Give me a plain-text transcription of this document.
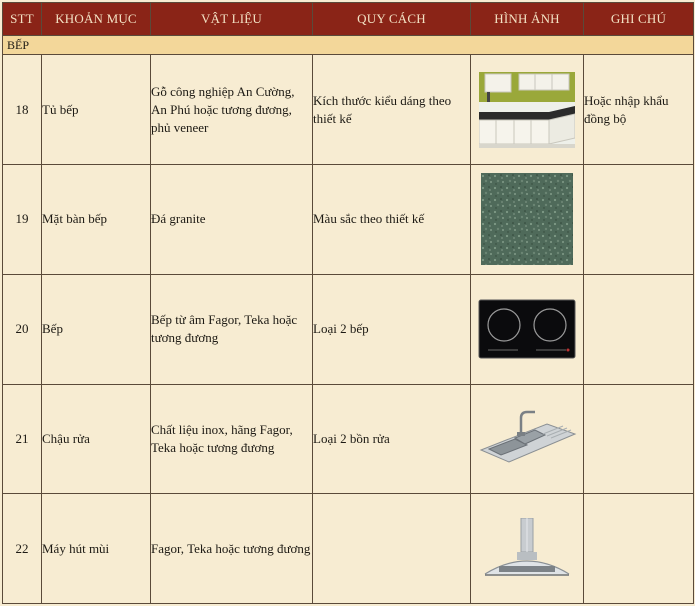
STT	KHOẢN MỤC	VẬT LIỆU	QUY CÁCH	HÌNH ẢNH	GHI CHÚ
BẾP					
18	Tủ bếp	Gỗ công nghiệp An Cường, An Phú hoặc tương đương, phủ veneer	Kích thước kiểu dáng theo thiết kế		Hoặc nhập khẩu đồng bộ
19	Mặt bàn bếp	Đá granite	Màu sắc theo thiết kế	

20	Bếp	Bếp từ âm Fagor, Teka hoặc tương đương	Loại 2 bếp	

21	Chậu rửa	Chất liệu inox, hãng Fagor, Teka hoặc tương đương	Loại 2 bồn rửa	

22	Máy hút mùi	Fagor, Teka hoặc tương đương		
